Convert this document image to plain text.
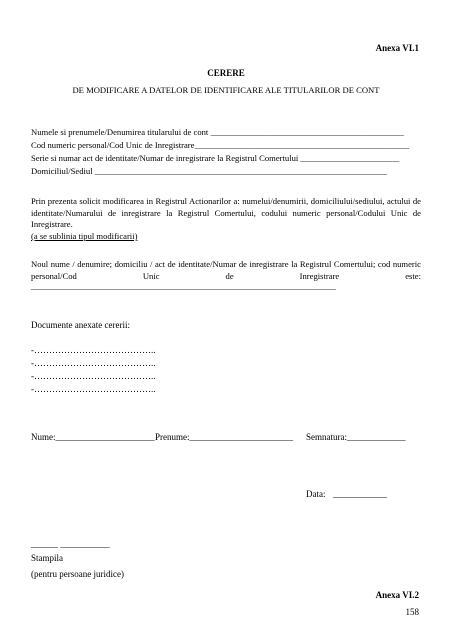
Anexa VI.1
CERERE
DE MODIFICARE A DATELOR DE IDENTIFICARE ALE TITULARILOR DE CONT
Numele si prenumele/Denumirea titularului de cont _____________________________________________
Cod numeric personal/Cod Unic de Inregistrare__________________________________________________
Serie si numar act de identitate/Numar de inregistrare la Registrul Comertului _______________________
Domiciliul/Sediul ____________________________________________________________________
Prin prezenta solicit modificarea in Registrul Actionarilor a: numelui/denumirii, domiciliului/sediului, actului de identitate/Numarului de inregistrare la Registrul Comertului, codului numeric personal/Codului Unic de Inregistrare.
(a se sublinia tipul modificarii)
Noul nume / denumire; domiciliu / act de identitate/Numar de inregistrare la Registrul Comertului; cod numeric personal/Cod Unic de Inregistrare este:
_______________________________________________________________________
Documente anexate cererii:
-…………………………………..
-…………………………………..
-…………………………………..
-…………………………………..
Nume:______________________ Prenume:_______________________ Semnatura:_____________
Data: ____________
______ ___________
Stampila
(pentru persoane juridice)
Anexa VI.2
158
